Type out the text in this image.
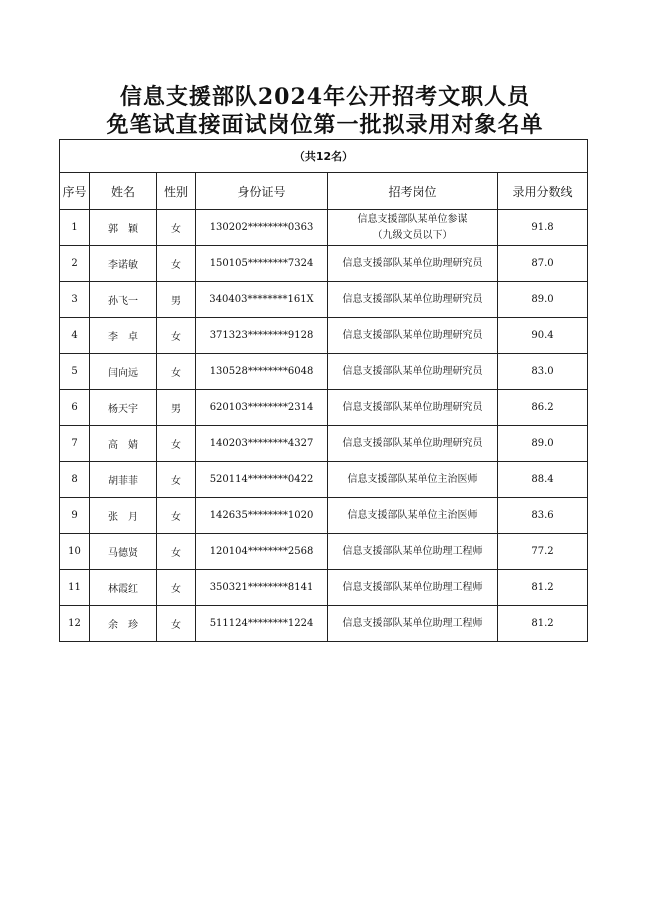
信息支援部队2024年公开招考文职人员
免笔试直接面试岗位第一批拟录用对象名单
（共12名）					
序号	姓名	性别	身份证号	招考岗位	录用分数线
1	郭　颖	女	130202********0363	信息支援部队某单位参谋
（九级文员以下）	91.8
2	李诺敏	女	150105********7324	信息支援部队某单位助理研究员	87.0
3	孙飞一	男	340403********161X	信息支援部队某单位助理研究员	89.0
4	李　卓	女	371323********9128	信息支援部队某单位助理研究员	90.4
5	闫向远	女	130528********6048	信息支援部队某单位助理研究员	83.0
6	杨天宇	男	620103********2314	信息支援部队某单位助理研究员	86.2
7	高　婧	女	140203********4327	信息支援部队某单位助理研究员	89.0
8	胡菲菲	女	520114********0422	信息支援部队某单位主治医师	88.4
9	张　月	女	142635********1020	信息支援部队某单位主治医师	83.6
10	马德贤	女	120104********2568	信息支援部队某单位助理工程师	77.2
11	林霞红	女	350321********8141	信息支援部队某单位助理工程师	81.2
12	余　珍	女	511124********1224	信息支援部队某单位助理工程师	81.2
